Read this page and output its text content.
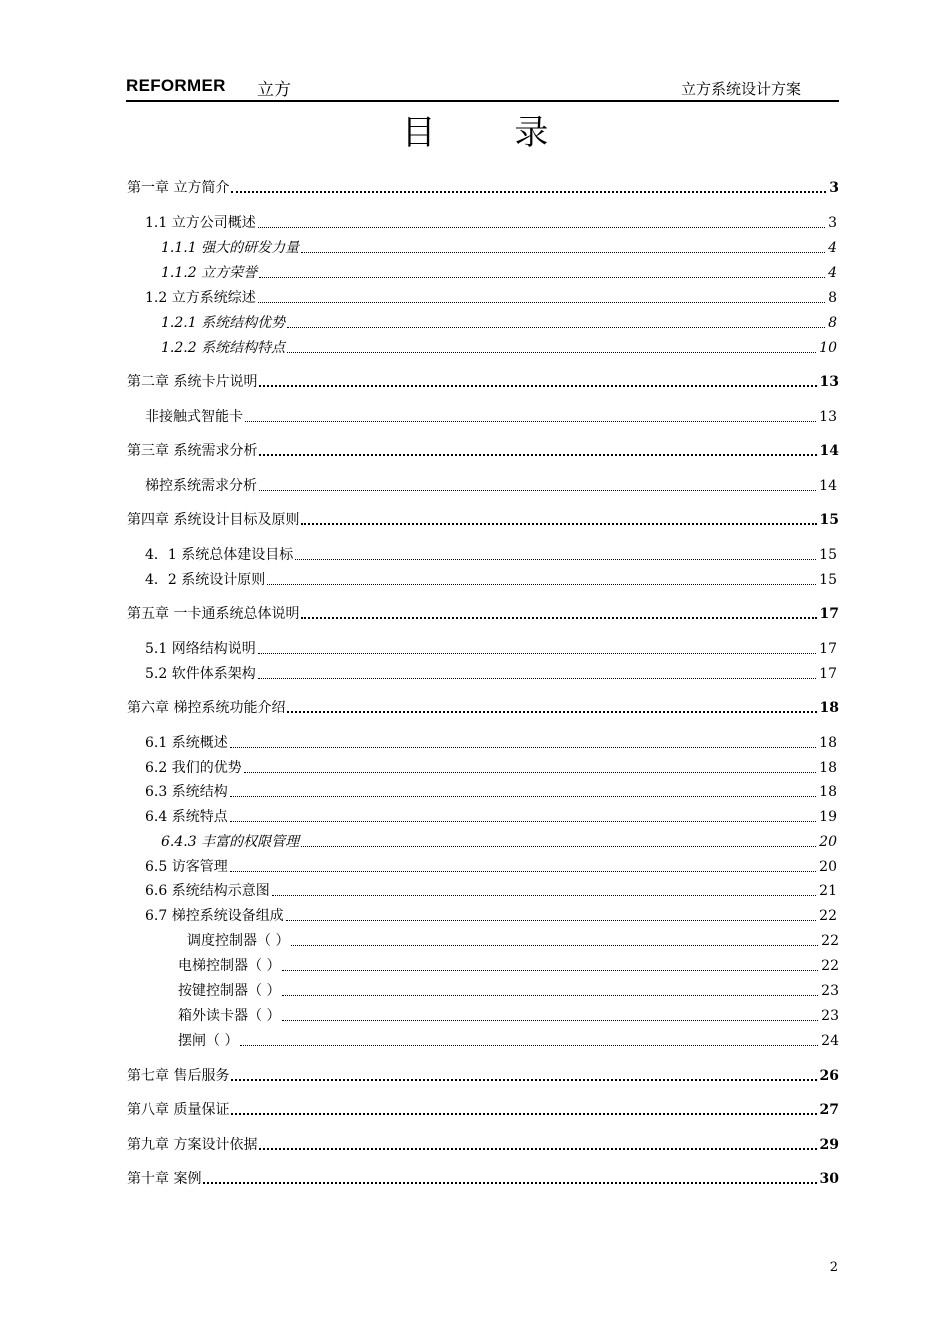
REFORMER 立方	立方系统设计方案
目 录
第一章 立方简介	3
1.1 立方公司概述	3
1.1.1 强大的研发力量	4
1.1.2 立方荣誉	4
1.2 立方系统综述	8
1.2.1 系统结构优势	8
1.2.2 系统结构特点	10
第二章 系统卡片说明	13
非接触式智能卡	13
第三章 系统需求分析	14
梯控系统需求分析	14
第四章 系统设计目标及原则	15
4．1 系统总体建设目标	15
4．2 系统设计原则	15
第五章 一卡通系统总体说明	17
5.1 网络结构说明	17
5.2 软件体系架构	17
第六章 梯控系统功能介绍	18
6.1 系统概述	18
6.2 我们的优势	18
6.3 系统结构	18
6.4 系统特点	19
6.4.3 丰富的权限管理	20
6.5 访客管理	20
6.6 系统结构示意图	21
6.7 梯控系统设备组成	22
调度控制器（ ）	22
电梯控制器（ ）	22
按键控制器（ ）	23
箱外读卡器（ ）	23
摆闸（ ）	24
第七章 售后服务	26
第八章 质量保证	27
第九章 方案设计依据	29
第十章 案例	30
2
